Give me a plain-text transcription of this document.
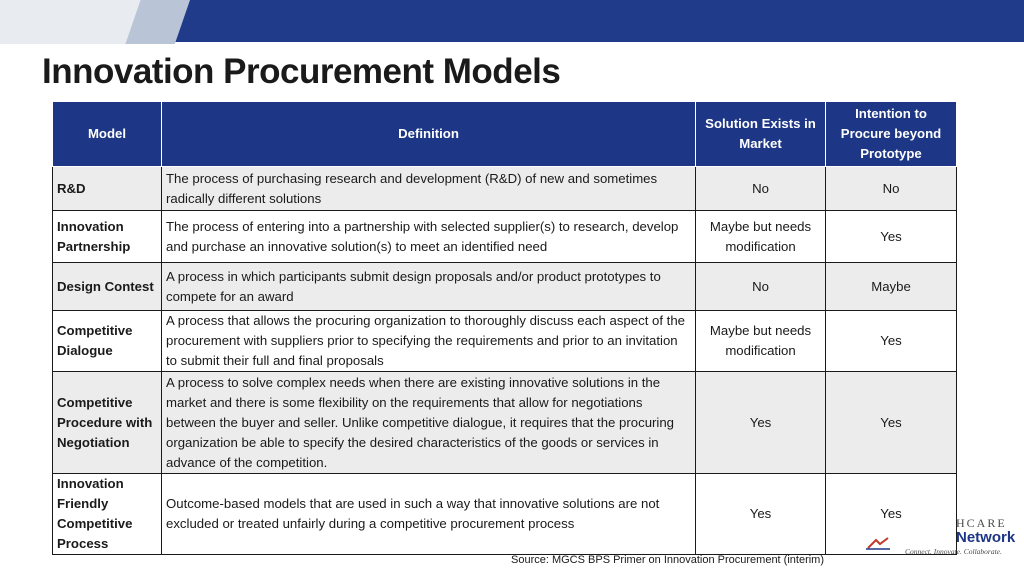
Innovation Procurement Models
Model	Definition	Solution Exists in Market	Intention to Procure beyond Prototype
R&D	The process of purchasing research and development (R&D) of new and sometimes radically different solutions	No	No
Innovation Partnership	The process of entering into a partnership with selected supplier(s) to research, develop and purchase an innovative solution(s) to meet an identified need	Maybe but needs modification	Yes
Design Contest	A process in which participants submit design proposals and/or product prototypes to compete for an award	No	Maybe
Competitive Dialogue	A process that allows the procuring organization to thoroughly discuss each aspect of the procurement with suppliers prior to specifying the requirements and prior to an invitation to submit their full and final proposals	Maybe but needs modification	Yes
Competitive Procedure with Negotiation	A process to solve complex needs when there are existing innovative solutions in the market and there is some flexibility on the requirements that allow for negotiations between the buyer and seller. Unlike competitive dialogue, it requires that the procuring organization be able to specify the desired characteristics of the goods or services in advance of the competition.	Yes	Yes
Innovation Friendly Competitive Process	Outcome-based models that are used in such a way that innovative solutions are not excluded or treated unfairly during a competitive procurement process	Yes	Yes
HCARE
Network
Connect. Innovate. Collaborate.
Source: MGCS BPS Primer on Innovation Procurement (interim)
